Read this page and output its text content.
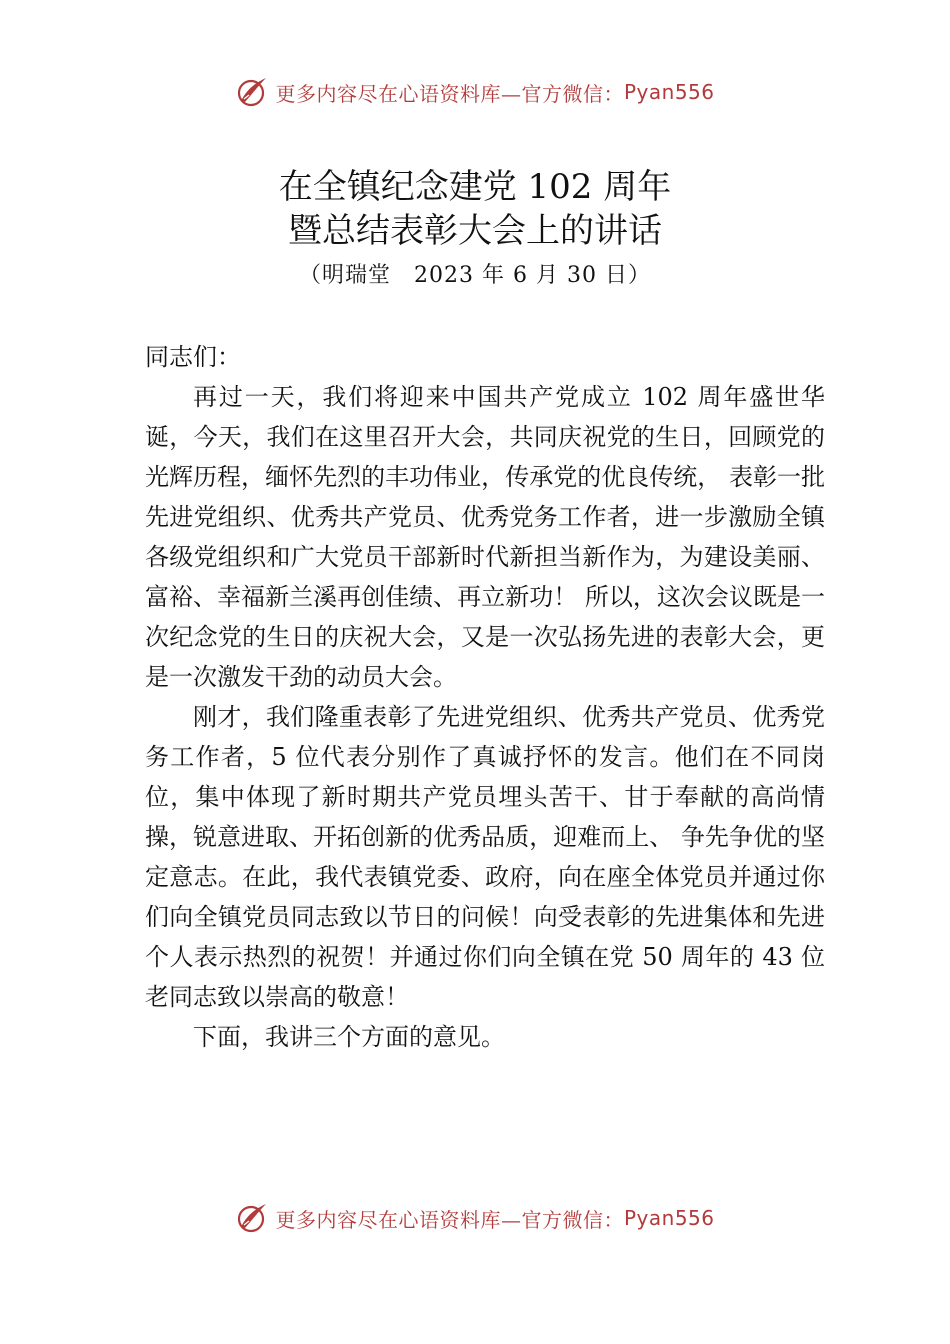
更多内容尽在心语资料库—官方微信： Pyan556
在全镇纪念建党 102 周年
暨总结表彰大会上的讲话
（明瑞堂　2023 年 6 月 30 日）

同志们：

再过一天，我们将迎来中国共产党成立 102 周年盛世华诞，今天，我们在这里召开大会，共同庆祝党的生日，回顾党的光辉历程，缅怀先烈的丰功伟业，传承党的优良传统， 表彰一批先进党组织、优秀共产党员、优秀党务工作者，进一步激励全镇各级党组织和广大党员干部新时代新担当新作为，为建设美丽、富裕、幸福新兰溪再创佳绩、再立新功！ 所以，这次会议既是一次纪念党的生日的庆祝大会，又是一次弘扬先进的表彰大会，更是一次激发干劲的动员大会。

刚才，我们隆重表彰了先进党组织、优秀共产党员、优秀党务工作者，5 位代表分别作了真诚抒怀的发言。他们在不同岗位，集中体现了新时期共产党员埋头苦干、甘于奉献的高尚情操，锐意进取、开拓创新的优秀品质，迎难而上、 争先争优的坚定意志。在此，我代表镇党委、政府，向在座全体党员并通过你们向全镇党员同志致以节日的问候！向受表彰的先进集体和先进个人表示热烈的祝贺！并通过你们向全镇在党 50 周年的 43 位老同志致以崇高的敬意！

下面，我讲三个方面的意见。

更多内容尽在心语资料库—官方微信： Pyan556
